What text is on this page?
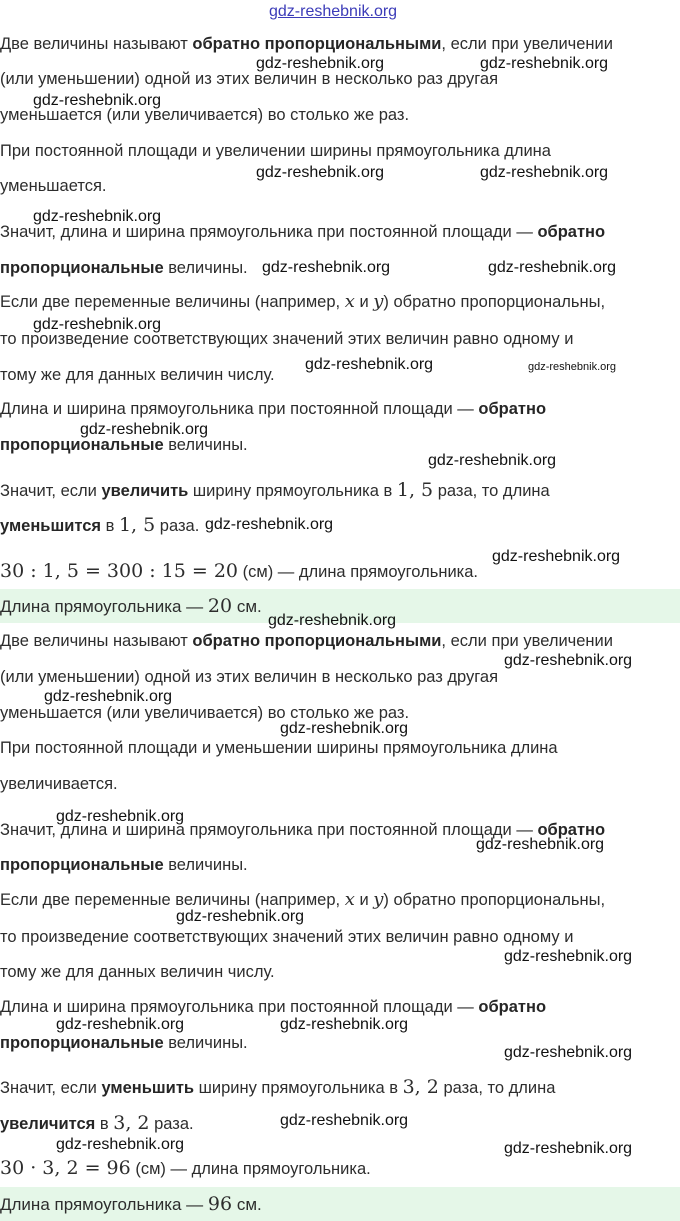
Две величины называют обратно пропорциональными, если при увеличении
(или уменьшении) одной из этих величин в несколько раз другая
уменьшается (или увеличивается) во столько же раз.
При постоянной площади и увеличении ширины прямоугольника длина
уменьшается.
Значит, длина и ширина прямоугольника при постоянной площади — обратно
пропорциональные величины.
Если две переменные величины (например, x и y) обратно пропорциональны,
то произведение соответствующих значений этих величин равно одному и
тому же для данных величин числу.
Длина и ширина прямоугольника при постоянной площади — обратно
пропорциональные величины.
Значит, если увеличить ширину прямоугольника в 1, 5 раза, то длина
уменьшится в 1, 5 раза.
30 : 1, 5 = 300 : 15 = 20 (см) — длина прямоугольника.
Длина прямоугольника — 20 см.
Две величины называют обратно пропорциональными, если при увеличении
(или уменьшении) одной из этих величин в несколько раз другая
уменьшается (или увеличивается) во столько же раз.
При постоянной площади и уменьшении ширины прямоугольника длина
увеличивается.
Значит, длина и ширина прямоугольника при постоянной площади — обратно
пропорциональные величины.
Если две переменные величины (например, x и y) обратно пропорциональны,
то произведение соответствующих значений этих величин равно одному и
тому же для данных величин числу.
Длина и ширина прямоугольника при постоянной площади — обратно
пропорциональные величины.
Значит, если уменьшить ширину прямоугольника в 3, 2 раза, то длина
увеличится в 3, 2 раза.
30 · 3, 2 = 96 (см) — длина прямоугольника.
Длина прямоугольника — 96 см.
gdz-reshebnik.org
gdz-reshebnik.org	gdz-reshebnik.org
gdz-reshebnik.org
gdz-reshebnik.org	gdz-reshebnik.org
gdz-reshebnik.org
gdz-reshebnik.org	gdz-reshebnik.org
gdz-reshebnik.org
gdz-reshebnik.org	gdz-reshebnik.org
gdz-reshebnik.org
gdz-reshebnik.org
gdz-reshebnik.org
gdz-reshebnik.org
gdz-reshebnik.org
gdz-reshebnik.org
gdz-reshebnik.org
gdz-reshebnik.org
gdz-reshebnik.org
gdz-reshebnik.org
gdz-reshebnik.org
gdz-reshebnik.org
gdz-reshebnik.org	gdz-reshebnik.org
gdz-reshebnik.org
gdz-reshebnik.org
gdz-reshebnik.org	gdz-reshebnik.org
